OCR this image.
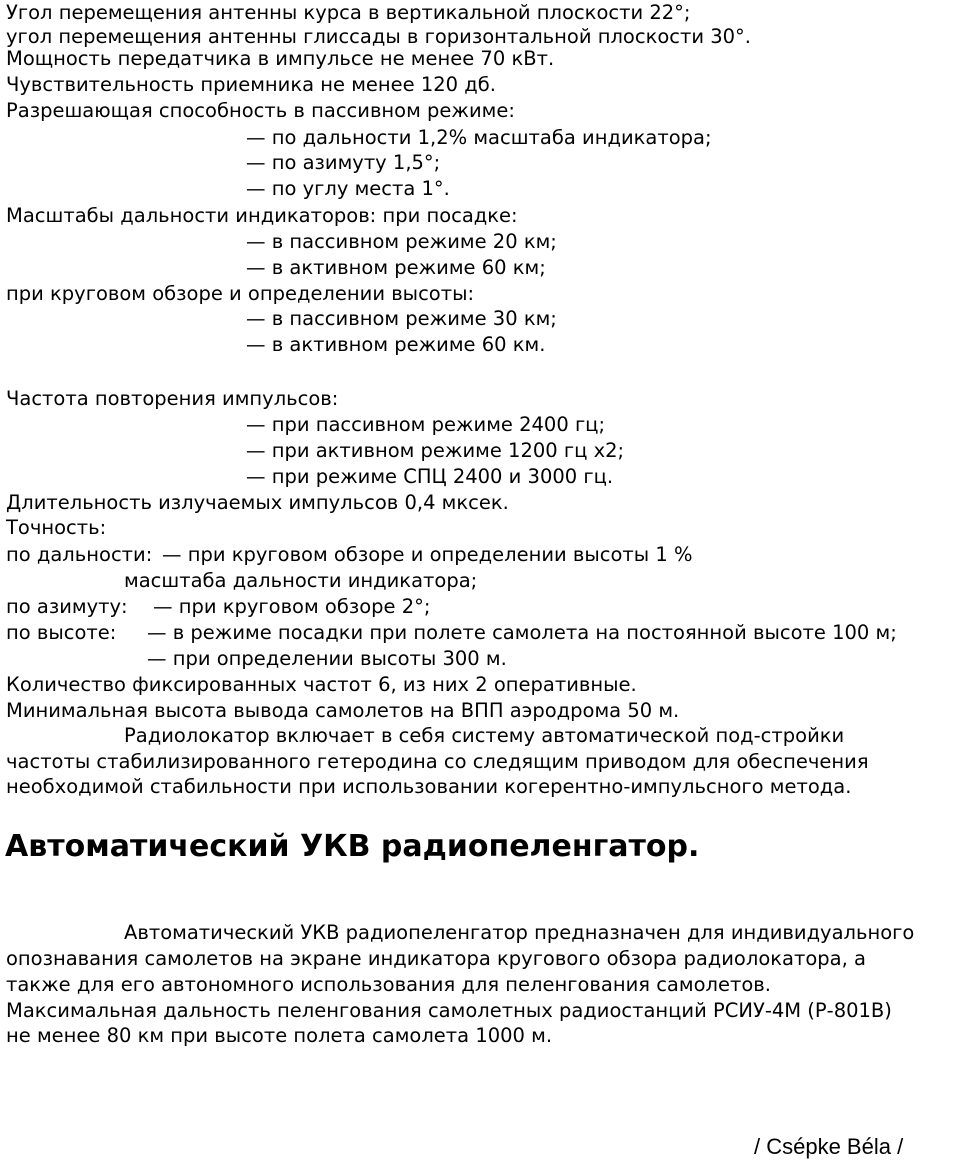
Угол перемещения антенны курса в вертикальной плоскости 22°;
угол перемещения антенны глиссады в горизонтальной плоскости 30°.
Мощность передатчика в импульсе не менее 70 кВт.
Чувствительность приемника не менее 120 дб.
Разрешающая способность в пассивном режиме:
— по дальности 1,2% масштаба индикатора;
— по азимуту 1,5°;
— по углу места 1°.
Масштабы дальности индикаторов: при посадке:
— в пассивном режиме 20 км;
— в активном режиме 60 км;
при круговом обзоре и определении высоты:
— в пассивном режиме 30 км;
— в активном режиме 60 км.
Частота повторения импульсов:
— при пассивном режиме 2400 гц;
— при активном режиме 1200 гц х2;
— при режиме СПЦ 2400 и 3000 гц.
Длительность излучаемых импульсов 0,4 мксек.
Точность:
по дальности: — при круговом обзоре и определении высоты 1 %
масштаба дальности индикатора;
по азимуту: — при круговом обзоре 2°;
по высоте: — в режиме посадки при полете самолета на постоянной высоте 100 м;
— при определении высоты 300 м.
Количество фиксированных частот 6, из них 2 оперативные.
Минимальная высота вывода самолетов на ВПП аэродрома 50 м.
Радиолокатор включает в себя систему автоматической под-стройки
частоты стабилизированного гетеродина со следящим приводом для обеспечения
необходимой стабильности при использовании когерентно-импульсного метода.
Автоматический УКВ радиопеленгатор.
Автоматический УКВ радиопеленгатор предназначен для индивидуального
опознавания самолетов на экране индикатора кругового обзора радиолокатора, а
также для его автономного использования для пеленгования самолетов.
Максимальная дальность пеленгования самолетных радиостанций РСИУ-4М (Р-801В)
не менее 80 км при высоте полета самолета 1000 м.
/ Csépke Béla /
